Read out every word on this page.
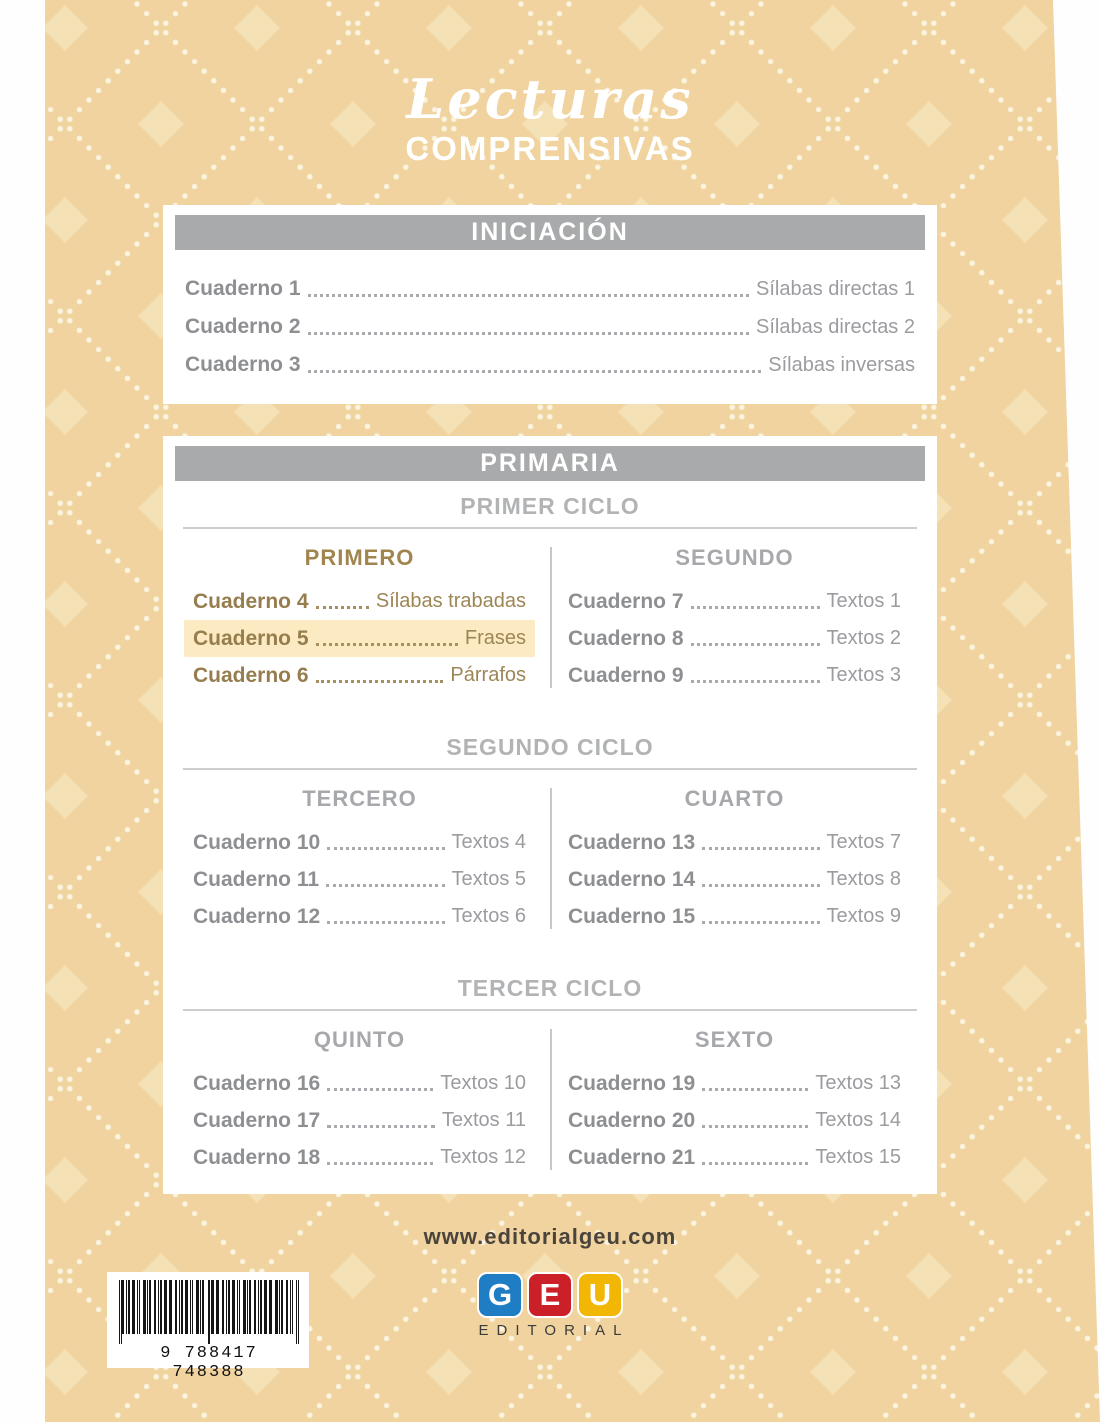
Lecturas
COMPRENSIVAS
INICIACIÓN
Cuaderno 1	Sílabas directas 1
Cuaderno 2	Sílabas directas 2
Cuaderno 3	Sílabas inversas
PRIMARIA
PRIMER CICLO
PRIMERO
Cuaderno 4	Sílabas trabadas
Cuaderno 5	Frases
Cuaderno 6	Párrafos
SEGUNDO
Cuaderno 7	Textos 1
Cuaderno 8	Textos 2
Cuaderno 9	Textos 3
SEGUNDO CICLO
TERCERO
Cuaderno 10	Textos 4
Cuaderno 11	Textos 5
Cuaderno 12	Textos 6
CUARTO
Cuaderno 13	Textos 7
Cuaderno 14	Textos 8
Cuaderno 15	Textos 9
TERCER CICLO
QUINTO
Cuaderno 16	Textos 10
Cuaderno 17	Textos 11
Cuaderno 18	Textos 12
SEXTO
Cuaderno 19	Textos 13
Cuaderno 20	Textos 14
Cuaderno 21	Textos 15
www.editorialgeu.com
G E U
EDITORIAL
9 788417 748388
